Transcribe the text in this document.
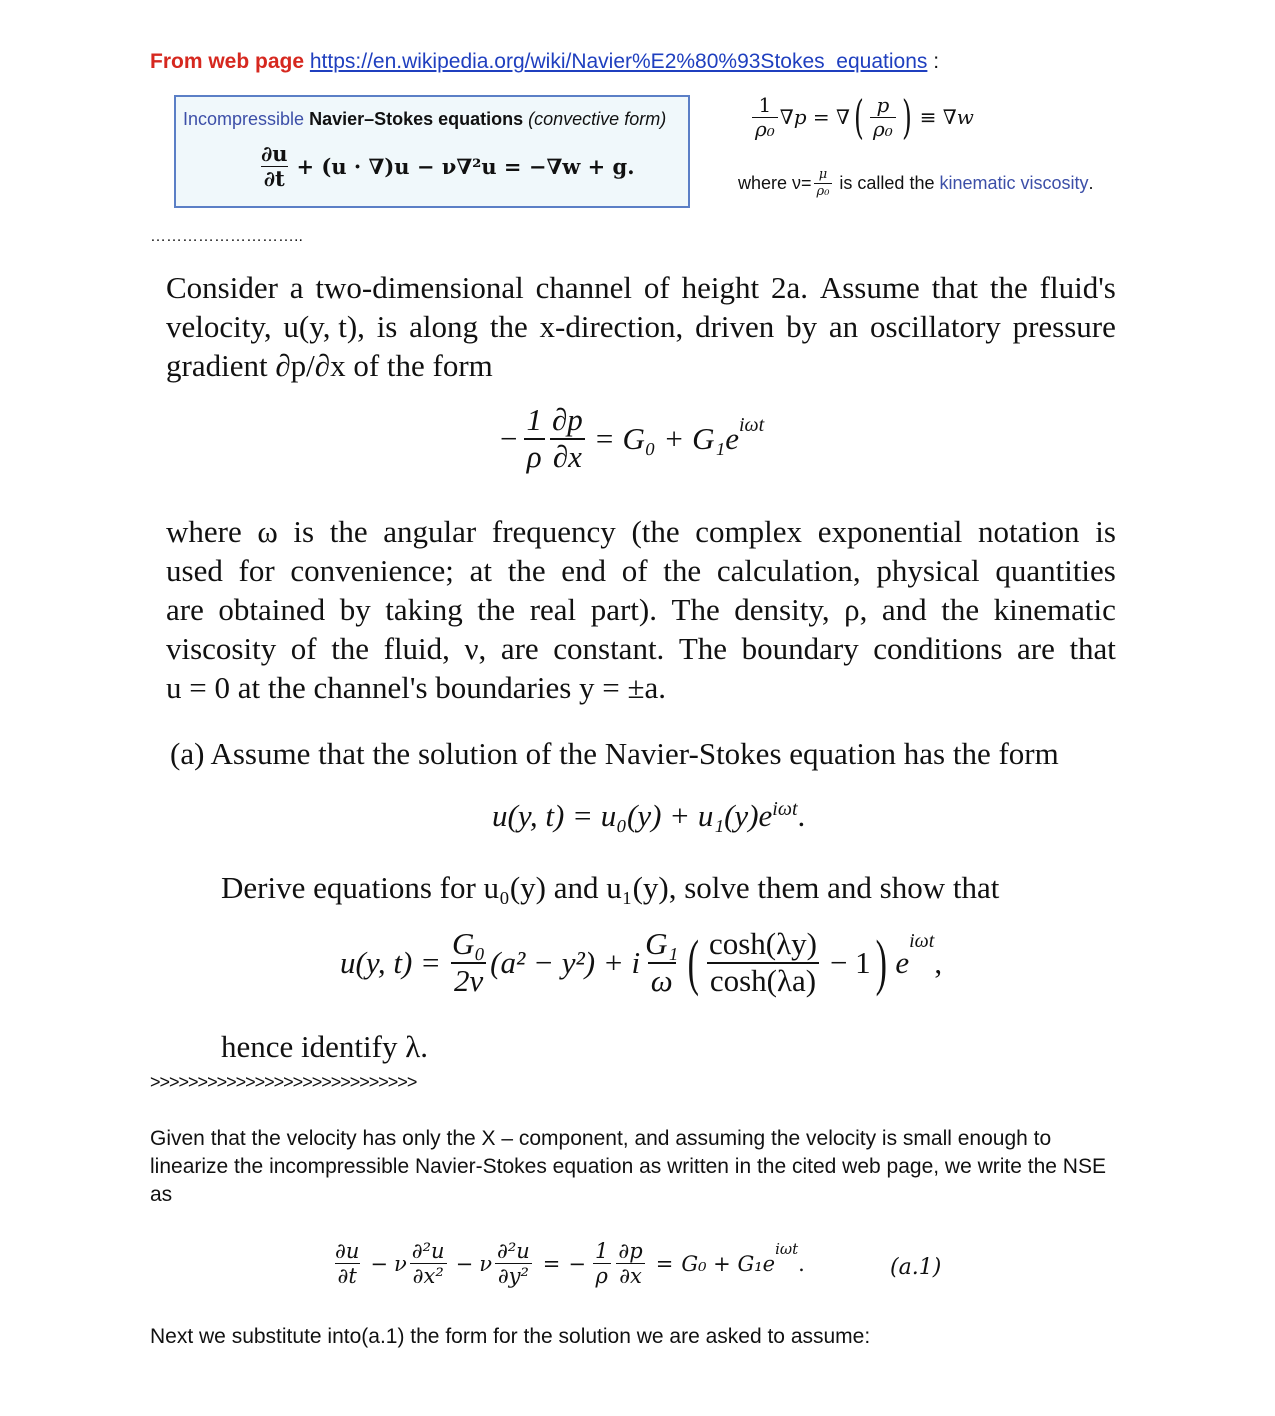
From web page https://en.wikipedia.org/wiki/Navier%E2%80%93Stokes_equations :
Incompressible Navier–Stokes equations (convective form)
$\frac{\partial u}{\partial t} + (u \cdot \nabla)u - \nu\nabla^2u = -\nabla w + g$.
$\frac{1}{\text{ρ₀}} \nabla p$ = ∇ ( $\frac{p}{\text{ρ₀}}$ ) ≡ ∇w
where $\nu= \frac{\mu}{\text{ρ₀}}$ is called the kinematic viscosity .
………………………..
Consider a two-dimensional channel of height 2a. Assume that the fluid's
velocity, u(y, t), is along the x-direction, driven by an oscillatory pressure
gradient ∂p/∂x of the form
− $\frac{1}{\rho} \frac{\partial p}{\partial x} = G_0 + G_1e^{i\omega t}$
where ω is the angular frequency (the complex exponential notation is
used for convenience; at the end of the calculation, physical quantities
are obtained by taking the real part). The density, ρ, and the kinematic
viscosity of the fluid, ν, are constant. The boundary conditions are that
u = 0 at the channel's boundaries y = ±a.
(a) Assume that the solution of the Navier-Stokes equation has the form
u(y, $t) = u_0(y) + u_1(y)e^{i\omega t}$ .
Derive equations for u₀(y) and u₁(y), solve them and show that
u(y, $t) = \frac{\text{G₀}}{2\nu} (a^2 - y^2) + i \frac{\text{G₁}}{\omega}$ ( $\frac{\cosh(\lambda y)}{\cosh(\lambda a)} - 1$ ) e
$^{i\omega t}$
,
hence identify λ.
>>>>>>>>>>>>>>>>>>>>>>>>>>>>
Given that the velocity has only the X – component, and assuming the velocity is small enough to linearize the incompressible Navier-Stokes equation as written in the cited web page, we write the NSE as
$\frac{\partial u}{\partial t} - \nu \frac{\text{∂²u}}{\text{∂x²}} - \nu \frac{\text{∂²u}}{\text{∂y²}}$ = − $\frac{1}{\rho} \frac{\partial p}{\partial x} = G_0 + G_1e$
$^{i\omega t}$
.	(a.1)
Next we substitute into(a.1) the form for the solution we are asked to assume:
